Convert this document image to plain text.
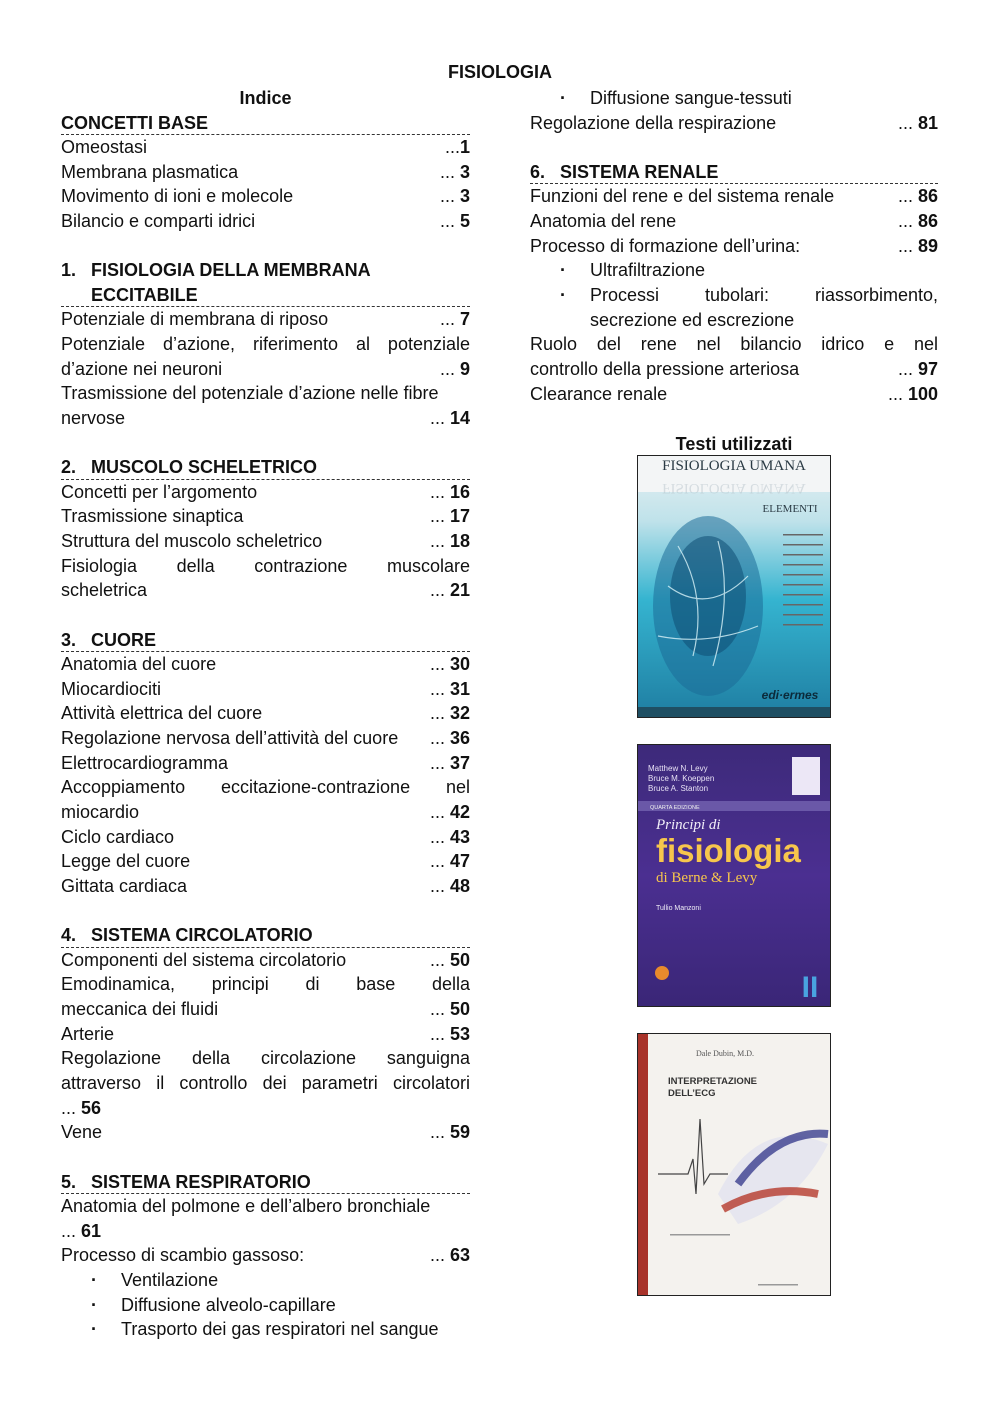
FISIOLOGIA
Indice
CONCETTI BASE
Omeostasi	...1
Membrana plasmatica	... 3
Movimento di ioni e molecole	... 3
Bilancio e comparti idrici	... 5
1. FISIOLOGIA DELLA MEMBRANA
ECCITABILE
Potenziale di membrana di riposo	... 7
Potenziale d’azione, riferimento al potenziale
d’azione nei neuroni	... 9
Trasmissione del potenziale d’azione nelle fibre
nervose	... 14
2. MUSCOLO SCHELETRICO
Concetti per l’argomento	... 16
Trasmissione sinaptica	... 17
Struttura del muscolo scheletrico	... 18
Fisiologia della contrazione muscolare
scheletrica	... 21
3. CUORE
Anatomia del cuore	... 30
Miocardiociti	... 31
Attività elettrica del cuore	... 32
Regolazione nervosa dell’attività del cuore ... 36
Elettrocardiogramma	... 37
Accoppiamento eccitazione-contrazione nel
miocardio	... 42
Ciclo cardiaco	... 43
Legge del cuore	... 47
Gittata cardiaca	... 48
4. SISTEMA CIRCOLATORIO
Componenti del sistema circolatorio	... 50
Emodinamica, principi di base della
meccanica dei fluidi	... 50
Arterie	... 53
Regolazione della circolazione sanguigna
attraverso il controllo dei parametri circolatori
... 56
Vene	... 59
5. SISTEMA RESPIRATORIO
Anatomia del polmone e dell’albero bronchiale
... 61
Processo di scambio gassoso:	... 63
· Ventilazione
· Diffusione alveolo-capillare
· Trasporto dei gas respiratori nel sangue
· Diffusione sangue-tessuti
Regolazione della respirazione	... 81
6. SISTEMA RENALE
Funzioni del rene e del sistema renale	... 86
Anatomia del rene	... 86
Processo di formazione dell’urina:	... 89
· Ultrafiltrazione
· Processi tubolari: riassorbimento,
secrezione ed escrezione
Ruolo del rene nel bilancio idrico e nel
controllo della pressione arteriosa	... 97
Clearance renale	... 100
Testi utilizzati
FISIOLOGIA UMANA
FISIOLOGIA UMANA
ELEMENTI
edi·ermes
Matthew N. Levy
Bruce M. Koeppen
Bruce A. Stanton
QUARTA EDIZIONE
Principi di
fisiologia
di Berne & Levy
Tullio Manzoni
II
Dale Dubin, M.D.
INTERPRETAZIONE
DELL’ECG
